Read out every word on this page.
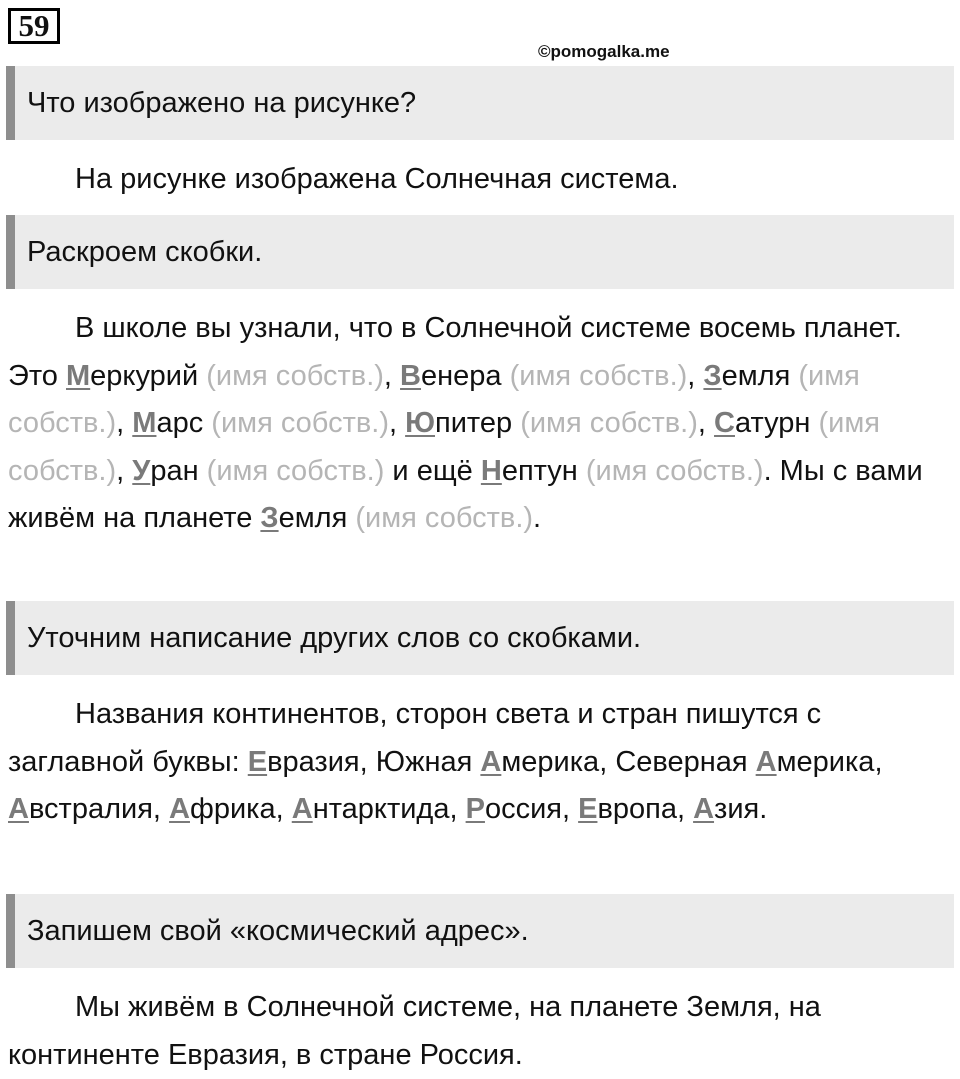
59
©pomogalka.me
Что изображено на рисунке?

На рисунке изображена Солнечная система.

Раскроем скобки.

В школе вы узнали, что в Солнечной системе восемь планет. Это Меркурий (имя собств.), Венера (имя собств.), Земля (имя собств.), Марс (имя собств.), Юпитер (имя собств.), Сатурн (имя собств.), Уран (имя собств.) и ещё Нептун (имя собств.). Мы с вами живём на планете Земля (имя собств.).

Уточним написание других слов со скобками.

Названия континентов, сторон света и стран пишутся с заглавной буквы: Евразия, Южная Америка, Северная Америка, Австралия, Африка, Антарктида, Россия, Европа, Азия.

Запишем свой «космический адрес».

Мы живём в Солнечной системе, на планете Земля, на континенте Евразия, в стране Россия.
